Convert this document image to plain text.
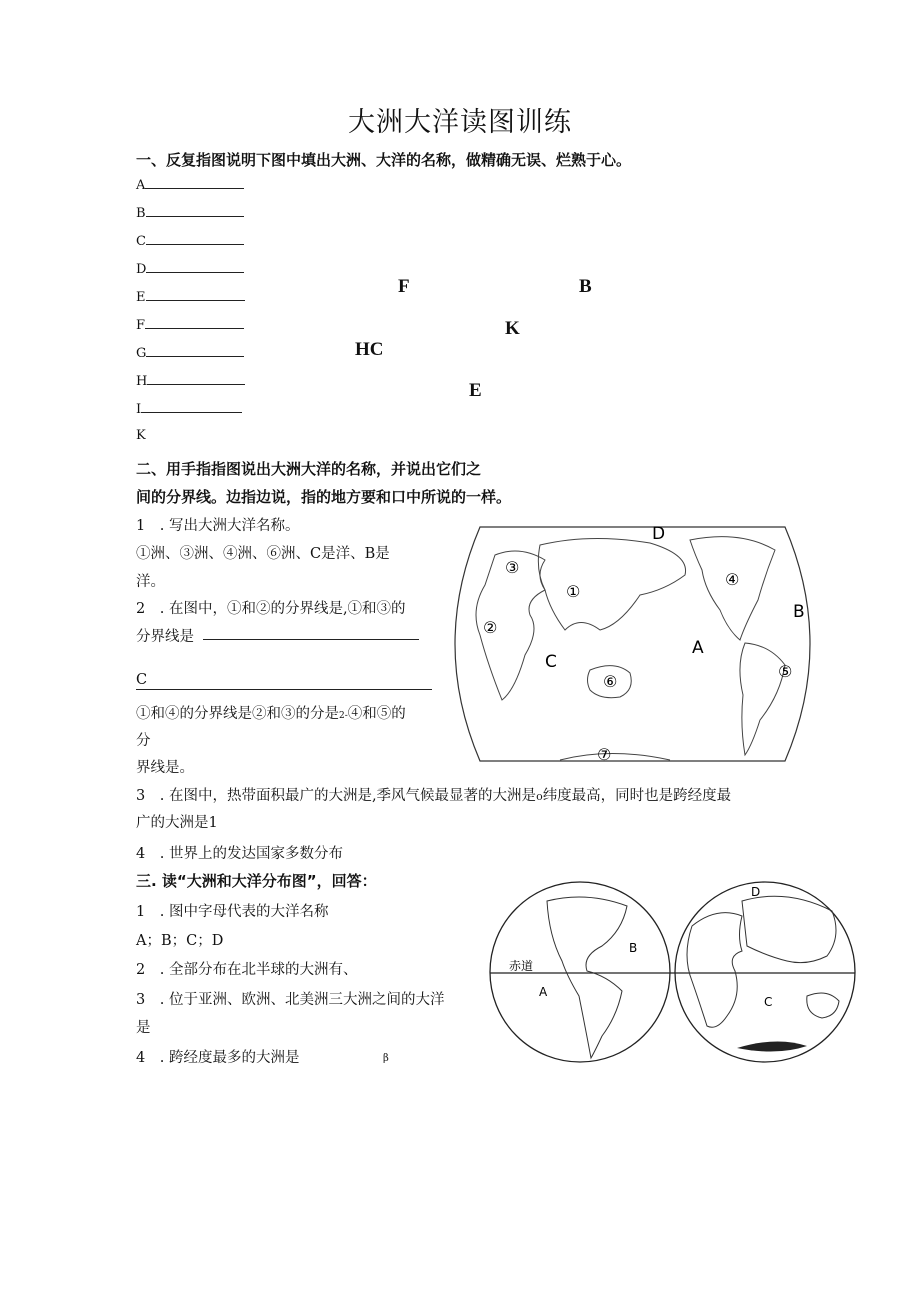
大洲大洋读图训练
一、反复指图说明下图中填出大洲、大洋的名称，做精确无误、烂熟于心。
A
B
C
D
E
F
G
H
I
K
F	B
K
HC
E
二、用手指指图说出大洲大洋的名称，并说出它们之
间的分界线。边指边说，指的地方要和口中所说的一样。
1　. 写出大洲大洋名称。
①洲、③洲、④洲、⑥洲、C是洋、B是
洋。
2　. 在图中，①和②的分界线是,①和③的
分界线是
C
①和④的分界线是②和③的分是2-④和⑤的
分
界线是。
3　. 在图中，热带面积最广的大洲是,季风气候最显著的大洲是o纬度最高，同时也是跨经度最
广的大洲是1
4　. 世界上的发达国家多数分布
D
B
C
A
①
②
③
④
⑤
⑥
⑦
三. 读“大洲和大洋分布图”，回答：
1　. 图中字母代表的大洋名称
A；B；C；D
2　. 全部分布在北半球的大洲有、
3　. 位于亚洲、欧洲、北美洲三大洲之间的大洋
是
4　. 跨经度最多的大洲是	β
赤道
A
B
C
D
